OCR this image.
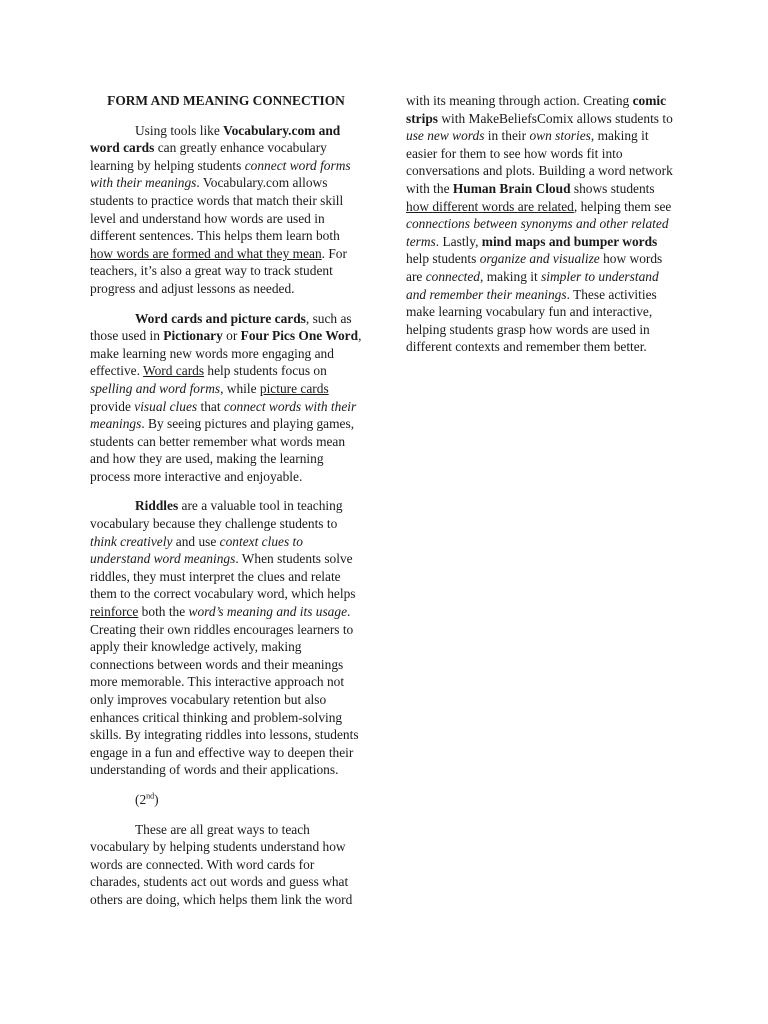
FORM AND MEANING CONNECTION

Using tools like Vocabulary.com and word cards can greatly enhance vocabulary learning by helping students connect word forms with their meanings. Vocabulary.com allows students to practice words that match their skill level and understand how words are used in different sentences. This helps them learn both how words are formed and what they mean. For teachers, it’s also a great way to track student progress and adjust lessons as needed.

Word cards and picture cards, such as those used in Pictionary or Four Pics One Word, make learning new words more engaging and effective. Word cards help students focus on spelling and word forms, while picture cards provide visual clues that connect words with their meanings. By seeing pictures and playing games, students can better remember what words mean and how they are used, making the learning process more interactive and enjoyable.

Riddles are a valuable tool in teaching vocabulary because they challenge students to think creatively and use context clues to understand word meanings. When students solve riddles, they must interpret the clues and relate them to the correct vocabulary word, which helps reinforce both the word’s meaning and its usage. Creating their own riddles encourages learners to apply their knowledge actively, making connections between words and their meanings more memorable. This interactive approach not only improves vocabulary retention but also enhances critical thinking and problem-solving skills. By integrating riddles into lessons, students engage in a fun and effective way to deepen their understanding of words and their applications.

(2nd)

These are all great ways to teach vocabulary by helping students understand how words are connected. With word cards for charades, students act out words and guess what others are doing, which helps them link the word

with its meaning through action. Creating comic strips with MakeBeliefsComix allows students to use new words in their own stories, making it easier for them to see how words fit into conversations and plots. Building a word network with the Human Brain Cloud shows students how different words are related, helping them see connections between synonyms and other related terms. Lastly, mind maps and bumper words help students organize and visualize how words are connected, making it simpler to understand and remember their meanings. These activities make learning vocabulary fun and interactive, helping students grasp how words are used in different contexts and remember them better.
